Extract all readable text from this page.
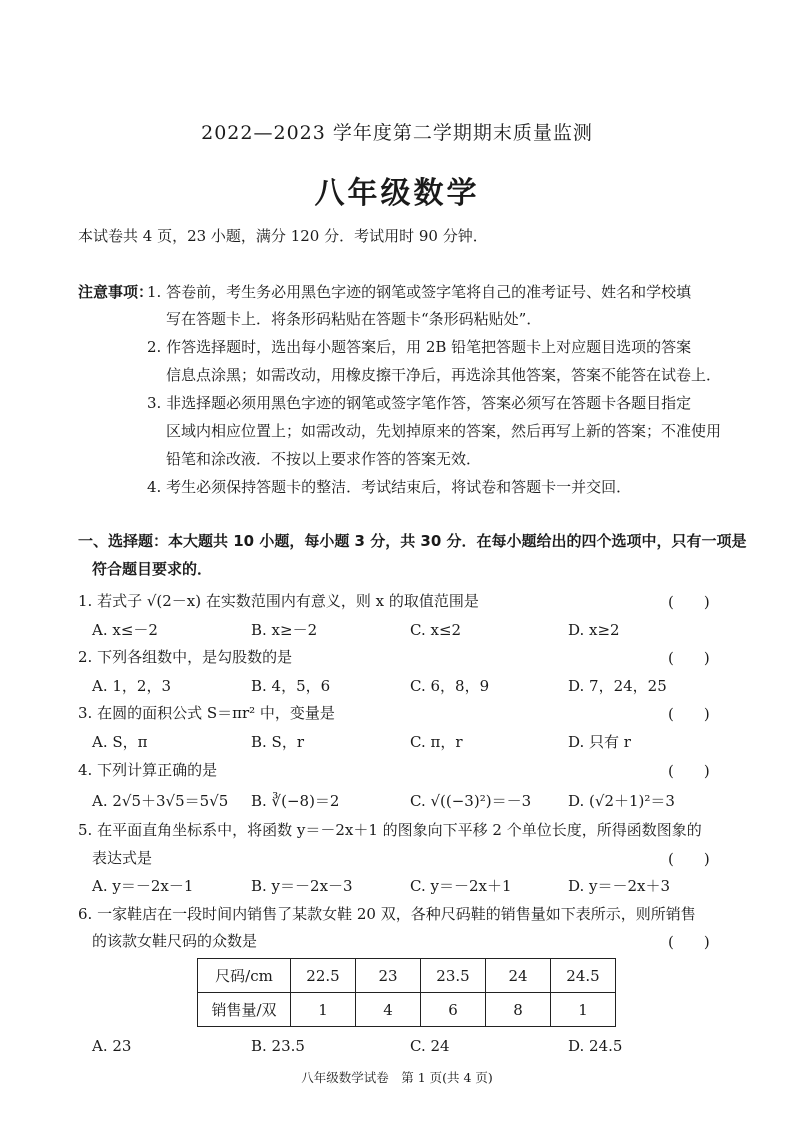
2022—2023 学年度第二学期期末质量监测
八年级数学
本试卷共 4 页，23 小题，满分 120 分．考试用时 90 分钟．
注意事项：
1. 答卷前，考生务必用黑色字迹的钢笔或签字笔将自己的准考证号、姓名和学校填
写在答题卡上．将条形码粘贴在答题卡“条形码粘贴处”．
2. 作答选择题时，选出每小题答案后，用 2B 铅笔把答题卡上对应题目选项的答案
信息点涂黑；如需改动，用橡皮擦干净后，再选涂其他答案，答案不能答在试卷上．
3. 非选择题必须用黑色字迹的钢笔或签字笔作答，答案必须写在答题卡各题目指定
区域内相应位置上；如需改动，先划掉原来的答案，然后再写上新的答案；不准使用
铅笔和涂改液．不按以上要求作答的答案无效．
4. 考生必须保持答题卡的整洁．考试结束后，将试卷和答题卡一并交回．
一、选择题：本大题共 10 小题，每小题 3 分，共 30 分．在每小题给出的四个选项中，只有一项是
符合题目要求的．
1. 若式子 √(2－x) 在实数范围内有意义，则 x 的取值范围是	(　　)
A. x≤－2	B. x≥－2	C. x≤2	D. x≥2
2. 下列各组数中，是勾股数的是	(　　)
A. 1，2，3	B. 4，5，6	C. 6，8，9	D. 7，24，25
3. 在圆的面积公式 S＝πr² 中，变量是	(　　)
A. S，π	B. S，r	C. π，r	D. 只有 r
4. 下列计算正确的是	(　　)
A. 2√5＋3√5＝5√5 B. ∛(−8)＝2	C. √((−3)²)＝－3 D. (√2＋1)²＝3
5. 在平面直角坐标系中，将函数 y＝－2x＋1 的图象向下平移 2 个单位长度，所得函数图象的
表达式是	(　　)
A. y＝－2x－1	B. y＝－2x－3	C. y＝－2x＋1	D. y＝－2x＋3
6. 一家鞋店在一段时间内销售了某款女鞋 20 双，各种尺码鞋的销售量如下表所示，则所销售
的该款女鞋尺码的众数是	(　　)
尺码/cm	22.5	23	23.5	24	24.5
销售量/双	1	4	6	8	1
A. 23	B. 23.5	C. 24	D. 24.5
八年级数学试卷　第 1 页(共 4 页)
